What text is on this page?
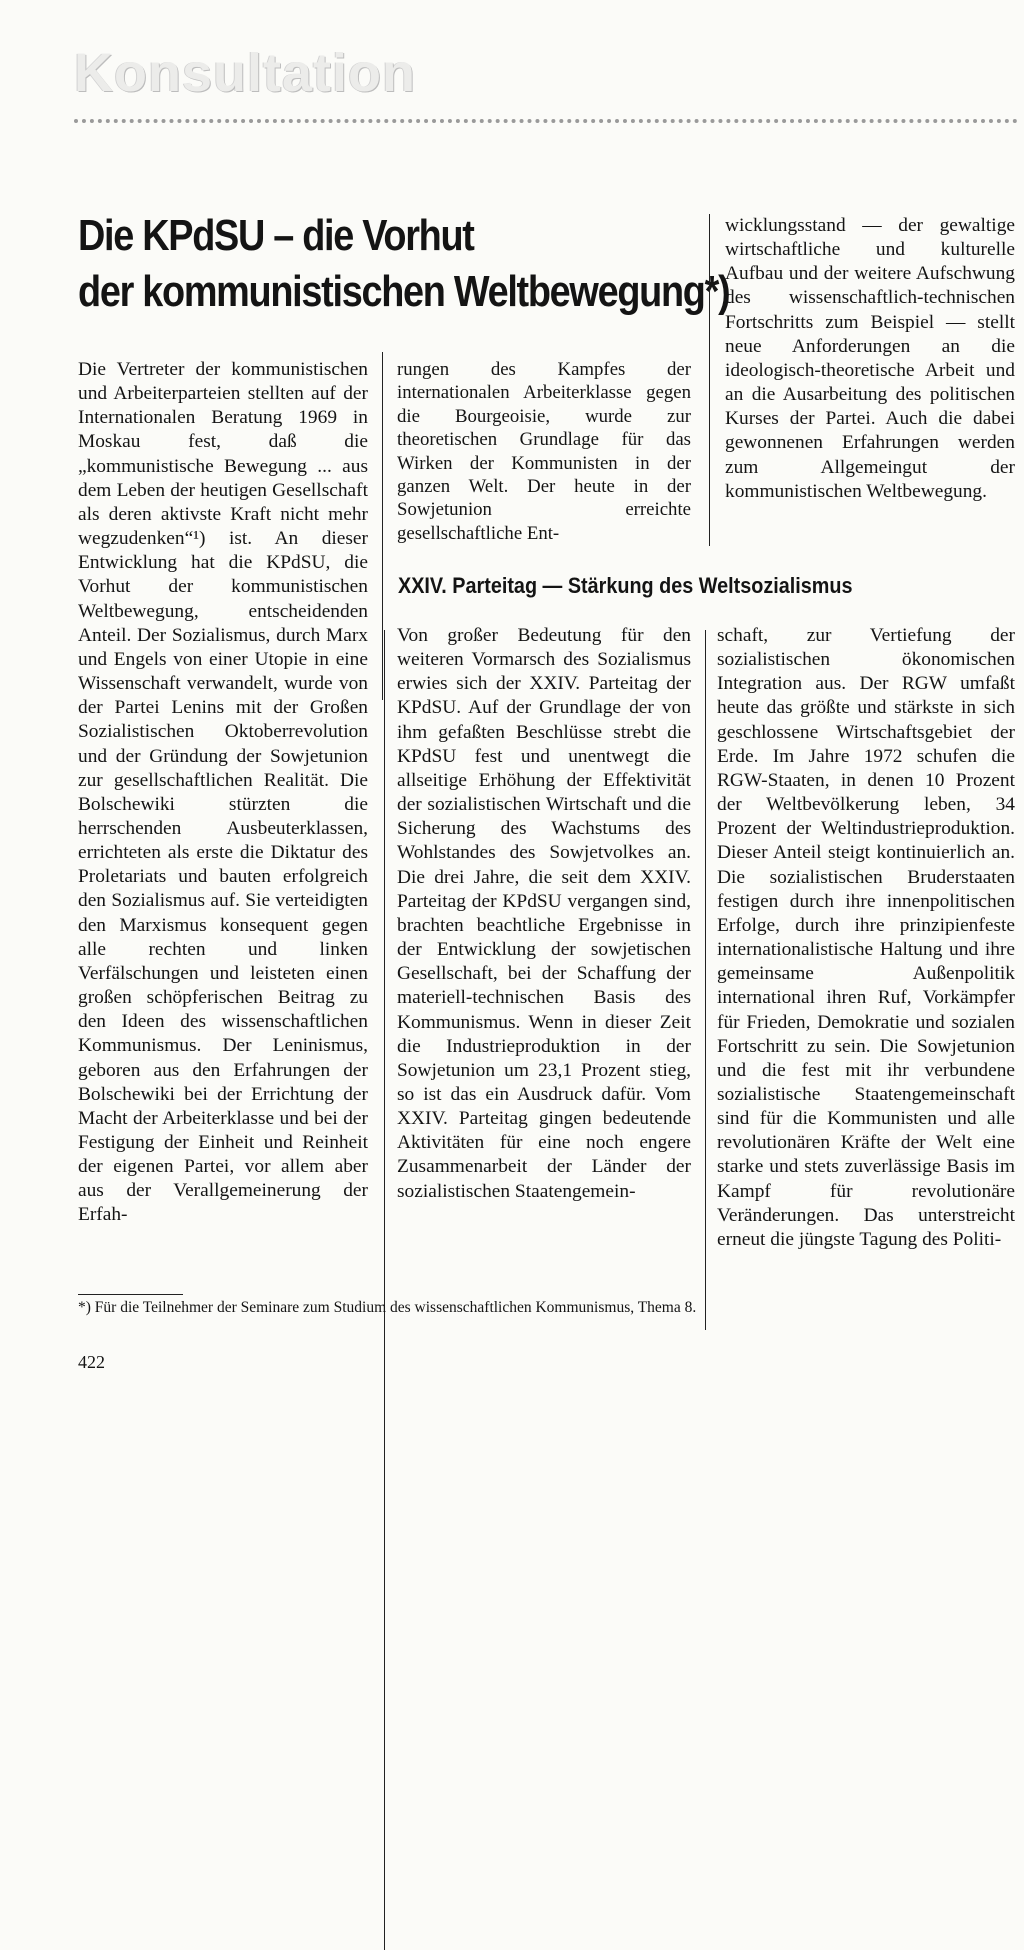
Konsultation
Die KPdSU – die Vorhut
der kommunistischen Weltbewegung*)

Die Vertreter der kommunistischen und Arbeiterparteien stellten auf der Internationalen Beratung 1969 in Moskau fest, daß die „kommunistische Bewegung ... aus dem Leben der heutigen Gesellschaft als deren aktivste Kraft nicht mehr wegzudenken“¹) ist. An dieser Entwicklung hat die KPdSU, die Vorhut der kommunistischen Weltbewegung, entscheidenden Anteil. Der Sozialismus, durch Marx und Engels von einer Utopie in eine Wissenschaft verwandelt, wurde von der Partei Lenins mit der Großen Sozialistischen Oktoberrevolution und der Gründung der Sowjetunion zur gesellschaftlichen Realität. Die Bolschewiki stürzten die herrschenden Ausbeuterklassen, errichteten als erste die Diktatur des Proletariats und bauten erfolgreich den Sozialismus auf. Sie verteidigten den Marxismus konsequent gegen alle rechten und linken Verfälschungen und leisteten einen großen schöpferischen Beitrag zu den Ideen des wissenschaftlichen Kommunismus. Der Leninismus, geboren aus den Erfahrungen der Bolschewiki bei der Errichtung der Macht der Arbeiterklasse und bei der Festigung der Einheit und Reinheit der eigenen Partei, vor allem aber aus der Verallgemeinerung der Erfah-

rungen des Kampfes der internationalen Arbeiterklasse gegen die Bourgeoisie, wurde zur theoretischen Grundlage für das Wirken der Kommunisten in der ganzen Welt. Der heute in der Sowjetunion erreichte gesellschaftliche Ent-

wicklungsstand — der gewaltige wirtschaftliche und kulturelle Aufbau und der weitere Aufschwung des wissenschaftlich-technischen Fortschritts zum Beispiel — stellt neue Anforderungen an die ideologisch-theoretische Arbeit und an die Ausarbeitung des politischen Kurses der Partei. Auch die dabei gewonnenen Erfahrungen werden zum Allgemeingut der kommunistischen Weltbewegung.

XXIV. Parteitag — Stärkung des Weltsozialismus

Von großer Bedeutung für den weiteren Vormarsch des Sozialismus erwies sich der XXIV. Parteitag der KPdSU. Auf der Grundlage der von ihm gefaßten Beschlüsse strebt die KPdSU fest und unentwegt die allseitige Erhöhung der Effektivität der sozialistischen Wirtschaft und die Sicherung des Wachstums des Wohlstandes des Sowjetvolkes an. Die drei Jahre, die seit dem XXIV. Parteitag der KPdSU vergangen sind, brachten beachtliche Ergebnisse in der Entwicklung der sowjetischen Gesellschaft, bei der Schaffung der materiell-technischen Basis des Kommunismus. Wenn in dieser Zeit die Industrieproduktion in der Sowjetunion um 23,1 Prozent stieg, so ist das ein Ausdruck dafür. Vom XXIV. Parteitag gingen bedeutende Aktivitäten für eine noch engere Zusammenarbeit der Länder der sozialistischen Staatengemein-

schaft, zur Vertiefung der sozialistischen ökonomischen Integration aus. Der RGW umfaßt heute das größte und stärkste in sich geschlossene Wirtschaftsgebiet der Erde. Im Jahre 1972 schufen die RGW-Staaten, in denen 10 Prozent der Weltbevölkerung leben, 34 Prozent der Weltindustrieproduktion. Dieser Anteil steigt kontinuierlich an. Die sozialistischen Bruderstaaten festigen durch ihre innenpolitischen Erfolge, durch ihre prinzipienfeste internationalistische Haltung und ihre gemeinsame Außenpolitik international ihren Ruf, Vorkämpfer für Frieden, Demokratie und sozialen Fortschritt zu sein. Die Sowjetunion und die fest mit ihr verbundene sozialistische Staatengemeinschaft sind für die Kommunisten und alle revolutionären Kräfte der Welt eine starke und stets zuverlässige Basis im Kampf für revolutionäre Veränderungen. Das unterstreicht erneut die jüngste Tagung des Politi-

*) Für die Teilnehmer der Seminare zum Studium des wissenschaftlichen Kommunismus, Thema 8.

422
